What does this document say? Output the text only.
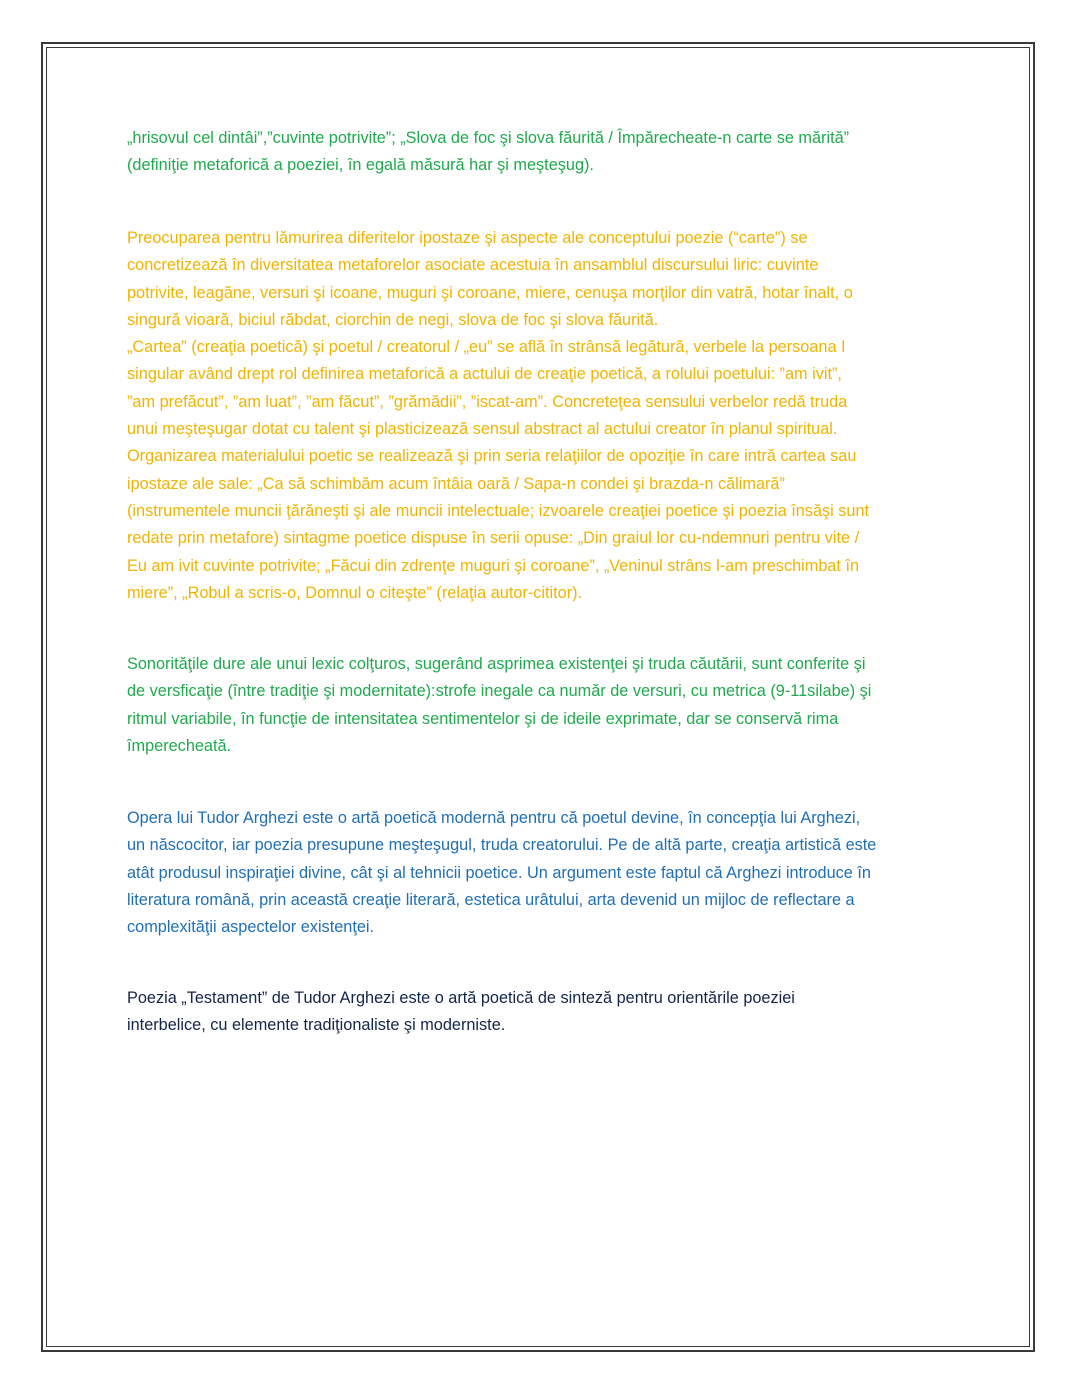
„hrisovul cel dintâi”,”cuvinte potrivite”; „Slova de foc şi slova făurită / Împărecheate-n carte se mărită”
(definiţie metaforică a poeziei, în egală măsură har şi meşteşug).

Preocuparea pentru lămurirea diferitelor ipostaze şi aspecte ale conceptului poezie (“carte”) se
concretizează în diversitatea metaforelor asociate acestuia în ansamblul discursului liric: cuvinte
potrivite, leagăne, versuri şi icoane, muguri şi coroane, miere, cenuşa morţilor din vatră, hotar înalt, o
singură vioară, biciul răbdat, ciorchin de negi, slova de foc şi slova făurită.
„Cartea” (creaţia poetică) şi poetul / creatorul / „eu” se află în strânsă legătură, verbele la persoana I
singular având drept rol definirea metaforică a actului de creaţie poetică, a rolului poetului: ”am ivit”,
”am prefăcut”, ”am luat”, ”am făcut”, ”grămădii”, ”iscat-am”. Concreteţea sensului verbelor redă truda
unui meşteşugar dotat cu talent şi plasticizează sensul abstract al actului creator în planul spiritual.
Organizarea materialului poetic se realizează şi prin seria relaţiilor de opoziţie în care intră cartea sau
ipostaze ale sale: „Ca să schimbăm acum întâia oară / Sapa-n condei şi brazda-n călimară”
(instrumentele muncii ţărăneşti şi ale muncii intelectuale; izvoarele creaţiei poetice şi poezia însăşi sunt
redate prin metafore) sintagme poetice dispuse în serii opuse: „Din graiul lor cu-ndemnuri pentru vite /
Eu am ivit cuvinte potrivite; „Făcui din zdrenţe muguri şi coroane”, „Veninul strâns l-am preschimbat în
miere”, „Robul a scris-o, Domnul o citeşte” (relaţia autor-cititor).

Sonorităţile dure ale unui lexic colţuros, sugerând asprimea existenţei şi truda căutării, sunt conferite şi
de versficaţie (între tradiţie şi modernitate):strofe inegale ca număr de versuri, cu metrica (9-11silabe) şi
ritmul variabile, în funcţie de intensitatea sentimentelor şi de ideile exprimate, dar se conservă rima
împerecheată.

Opera lui Tudor Arghezi este o artă poetică modernă pentru că poetul devine, în concepţia lui Arghezi,
un născocitor, iar poezia presupune meşteşugul, truda creatorului. Pe de altă parte, creaţia artistică este
atât produsul inspiraţiei divine, cât şi al tehnicii poetice. Un argument este faptul că Arghezi introduce în
literatura română, prin această creaţie literară, estetica urâtului, arta devenid un mijloc de reflectare a
complexităţii aspectelor existenţei.

Poezia „Testament” de Tudor Arghezi este o artă poetică de sinteză pentru orientările poeziei
interbelice, cu elemente tradiţionaliste şi moderniste.
